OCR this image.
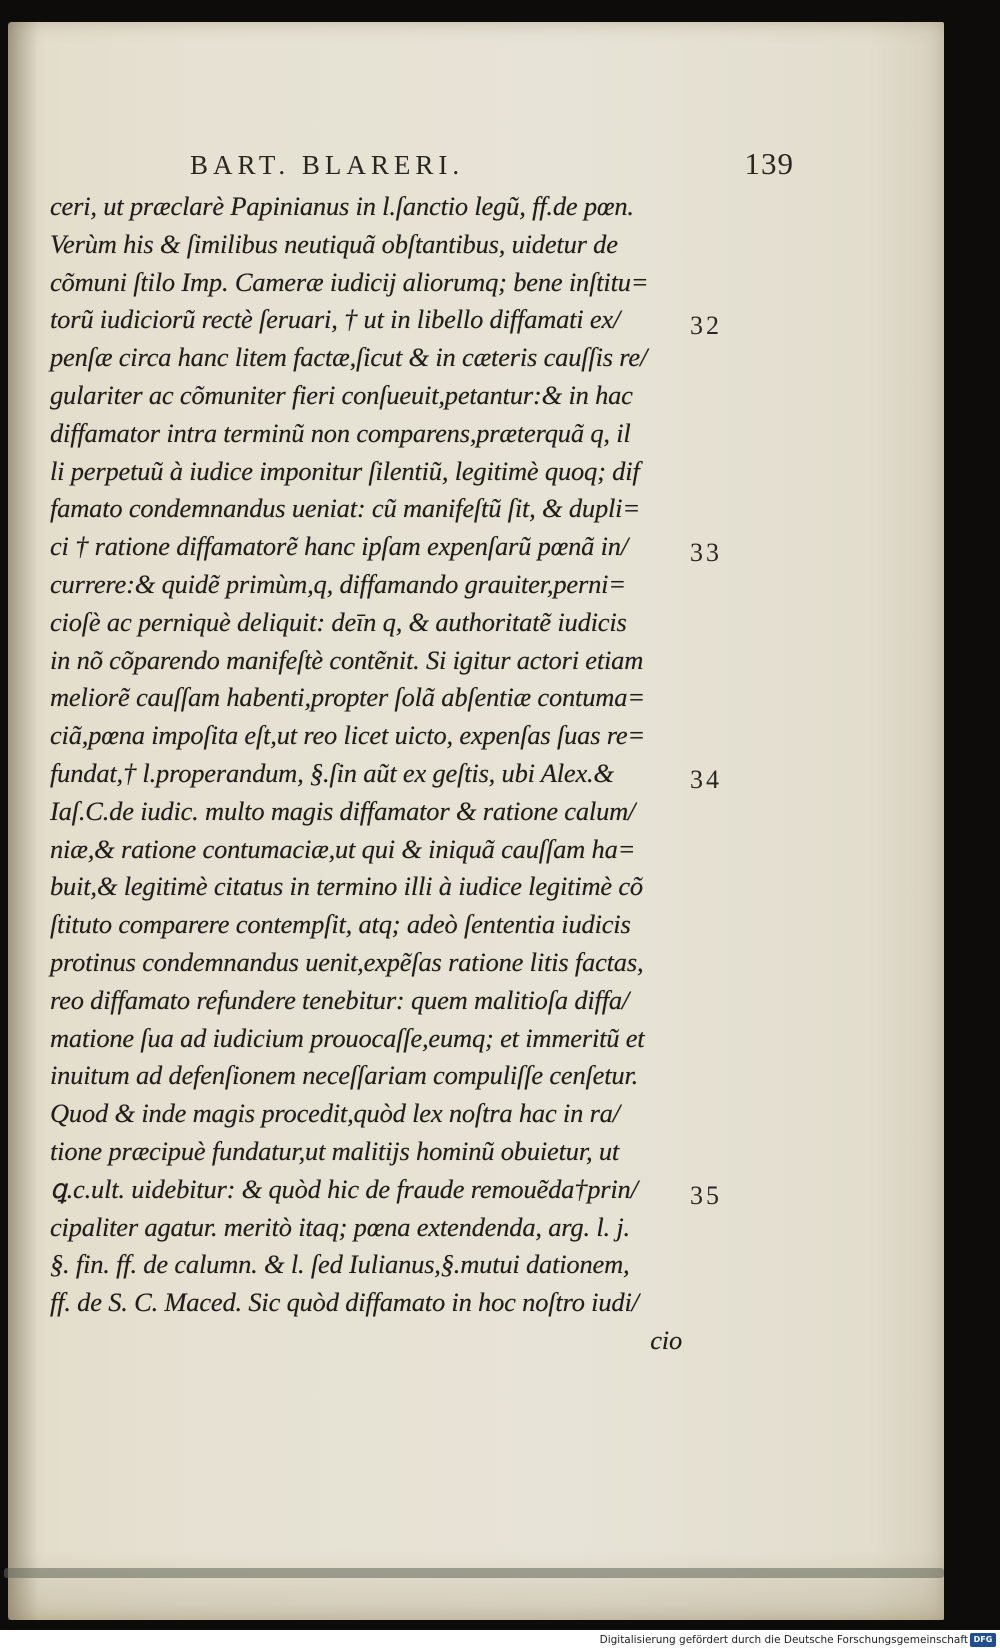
BART. BLARERI.	139
ceri, ut præclarè Papinianus in l.ſanctio legũ, ff.de pœn.
Verùm his & ſimilibus neutiquã obſtantibus, uidetur de
cõmuni ſtilo Imp. Cameræ iudicij aliorumq; bene inſtitu=
torũ iudiciorũ rectè ſeruari, † ut in libello diffamati ex/
penſæ circa hanc litem factæ,ſicut & in cæteris cauſſis re/
gulariter ac cõmuniter fieri conſueuit,petantur:& in hac
diffamator intra terminũ non comparens,præterquã q, il
li perpetuũ à iudice imponitur ſilentiũ, legitimè quoq; dif
famato condemnandus ueniat: cũ manifeſtũ ſit, & dupli=
ci † ratione diffamatorẽ hanc ipſam expenſarũ pœnã in/
currere:& quidẽ primùm,q, diffamando grauiter,perni=
cioſè ac perniquè deliquit: deīn q, & authoritatẽ iudicis
in nõ cõparendo manifeſtè contẽnit. Si igitur actori etiam
meliorẽ cauſſam habenti,propter ſolã abſentiæ contuma=
ciã,pœna impoſita eſt,ut reo licet uicto, expenſas ſuas re=
fundat,† l.properandum, §.ſin aũt ex geſtis, ubi Alex.&
Iaſ.C.de iudic. multo magis diffamator & ratione calum/
niæ,& ratione contumaciæ,ut qui & iniquã cauſſam ha=
buit,& legitimè citatus in termino illi à iudice legitimè cõ
ſtituto comparere contempſit, atq; adeò ſententia iudicis
protinus condemnandus uenit,expẽſas ratione litis factas,
reo diffamato refundere tenebitur: quem malitioſa diffa/
matione ſua ad iudicium prouocaſſe,eumq; et immeritũ et
inuitum ad defenſionem neceſſariam compuliſſe cenſetur.
Quod & inde magis procedit,quòd lex noſtra hac in ra/
tione præcipuè fundatur,ut malitijs hominũ obuietur, ut
ꝗ.c.ult. uidebitur: & quòd hic de fraude remouẽda†prin/
cipaliter agatur. meritò itaq; pœna extendenda, arg. l. j.
§. fin. ff. de calumn. & l. ſed Iulianus,§.mutui dationem,
ff. de S. C. Maced. Sic quòd diffamato in hoc noſtro iudi/
cio
32
33
34
35
Digitalisierung gefördert durch die Deutsche Forschungsgemeinschaft DFG
